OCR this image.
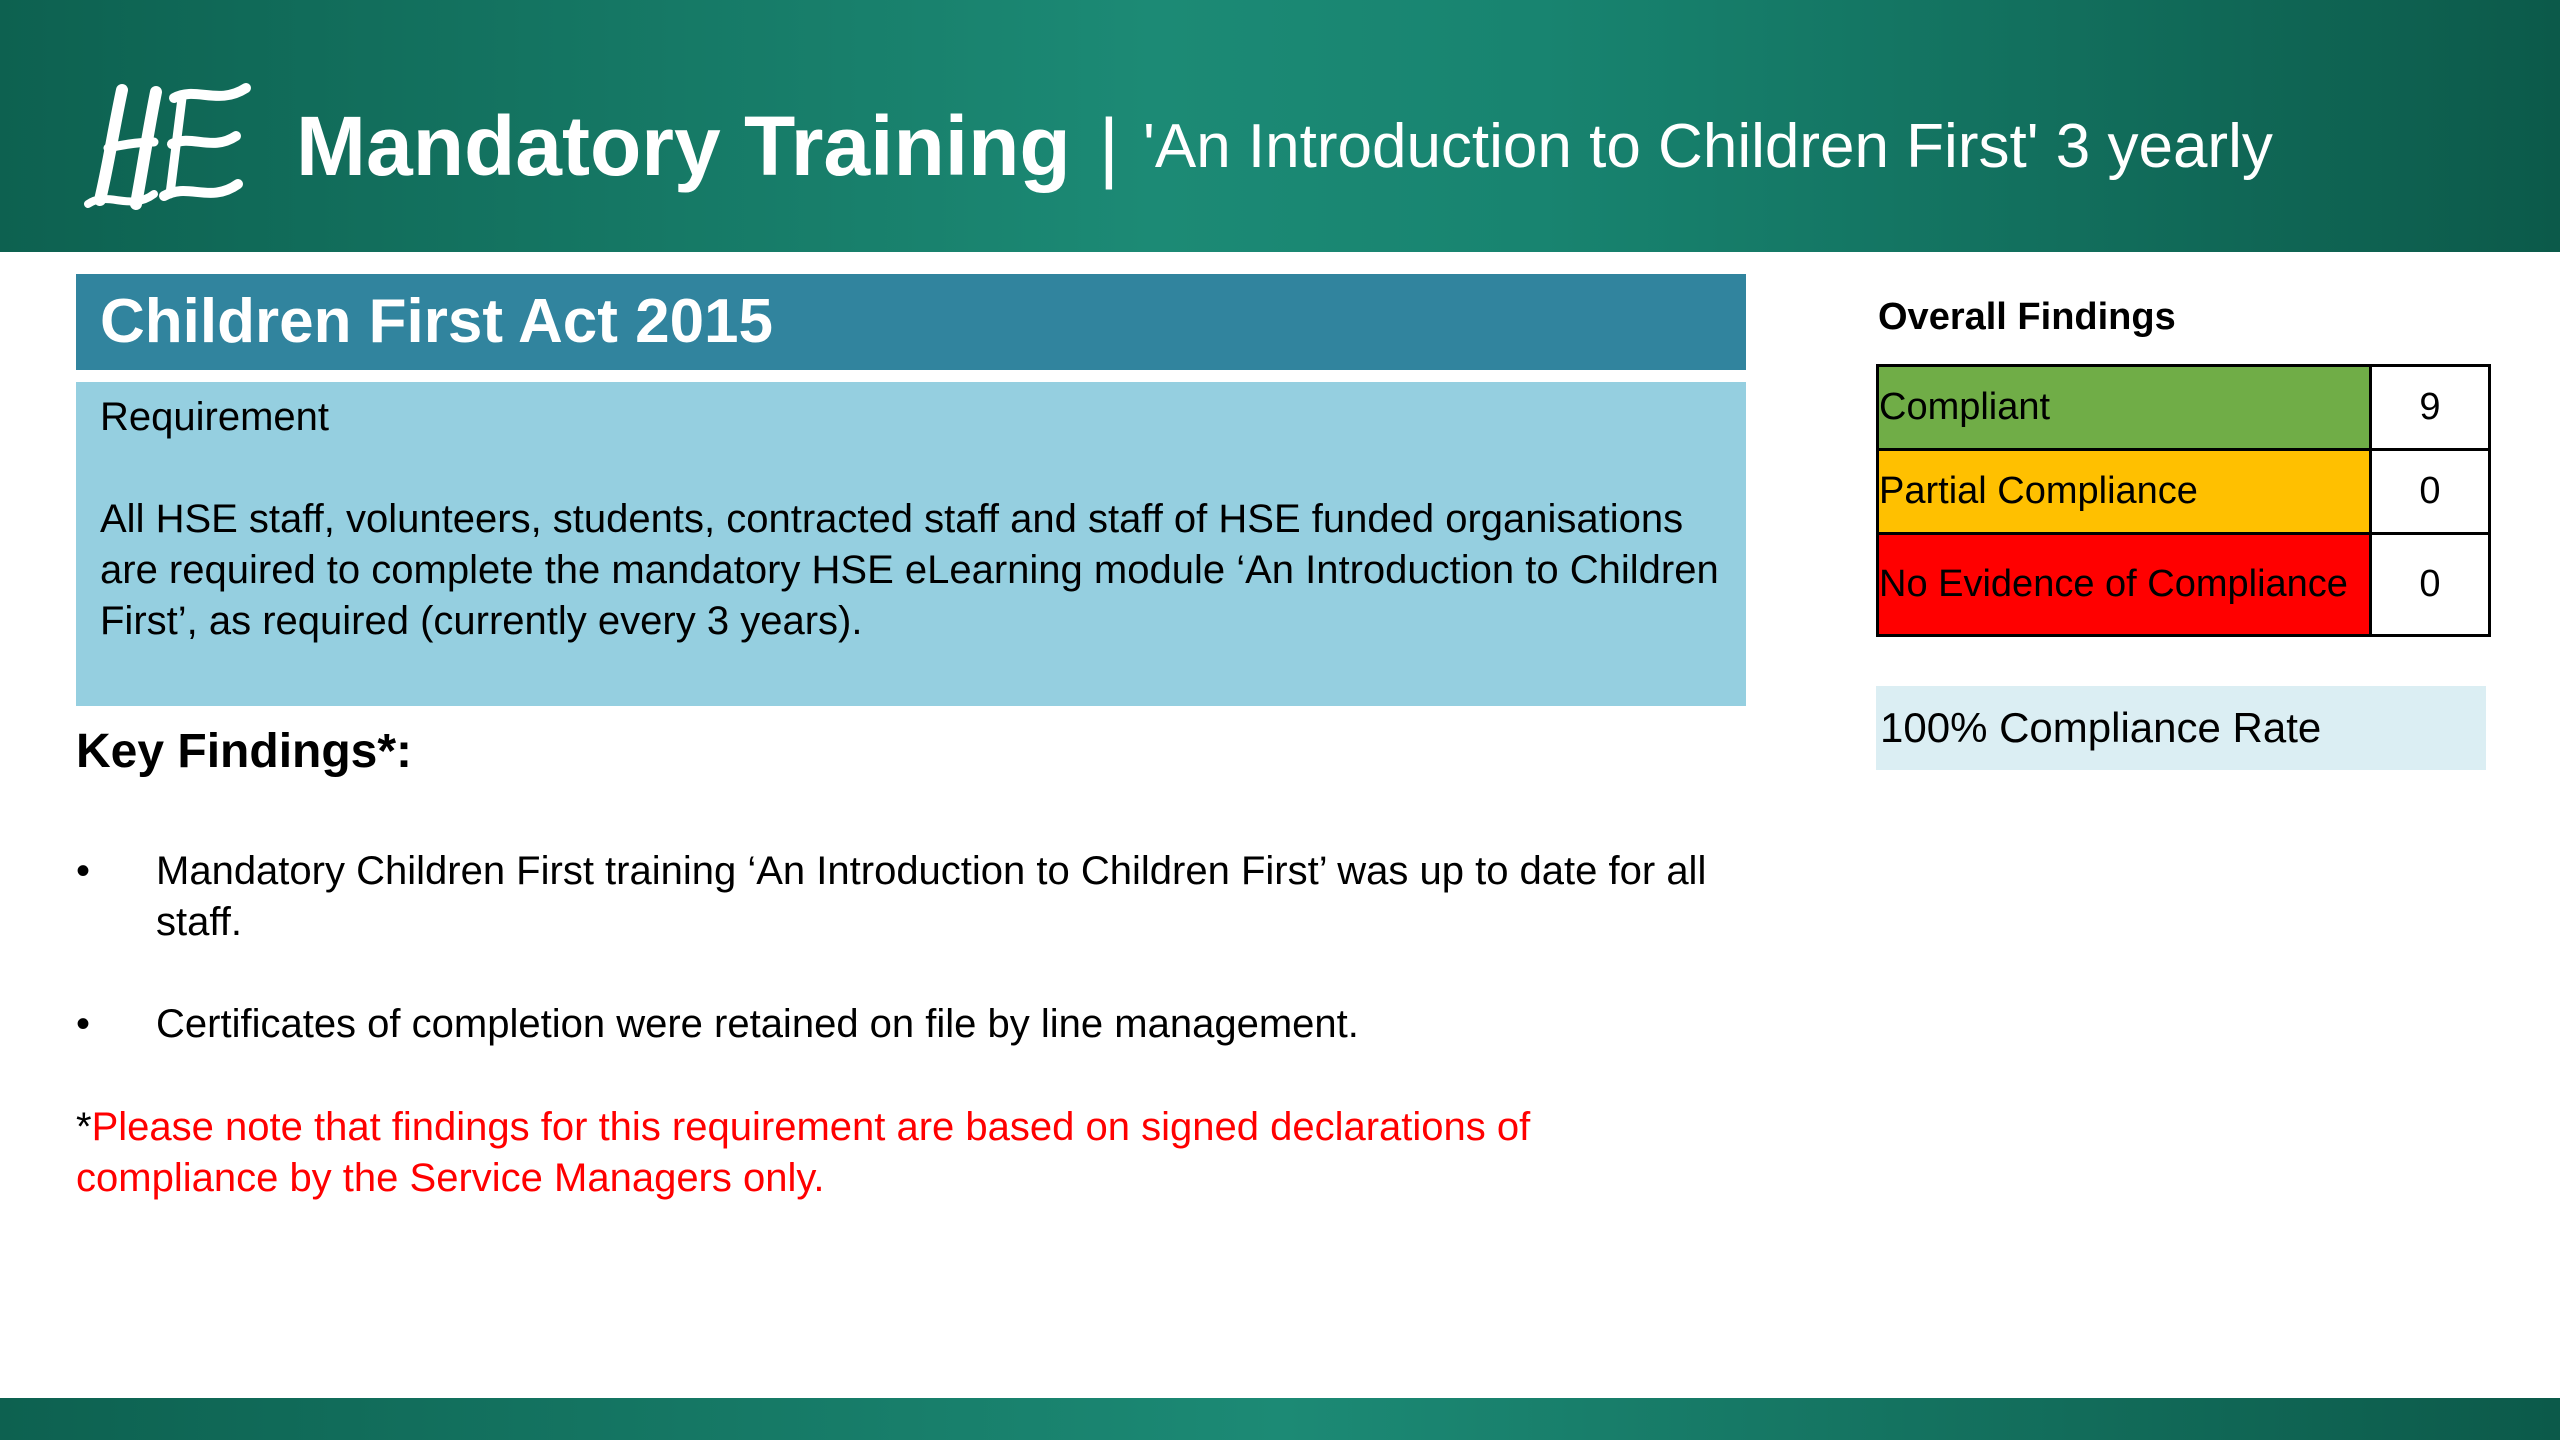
Mandatory Training | 'An Introduction to Children First' 3 yearly
Children First Act 2015
Requirement
All HSE staff, volunteers, students, contracted staff and staff of HSE funded organisations are required to complete the mandatory HSE eLearning module ‘An Introduction to Children First’, as required (currently every 3 years).
Key Findings*:
• Mandatory Children First training ‘An Introduction to Children First’ was up to date for all staff.
• Certificates of completion were retained on file by line management.
*Please note that findings for this requirement are based on signed declarations of compliance by the Service Managers only.
Overall Findings
Compliant	9
Partial Compliance	0
No Evidence of Compliance	0
100% Compliance Rate
